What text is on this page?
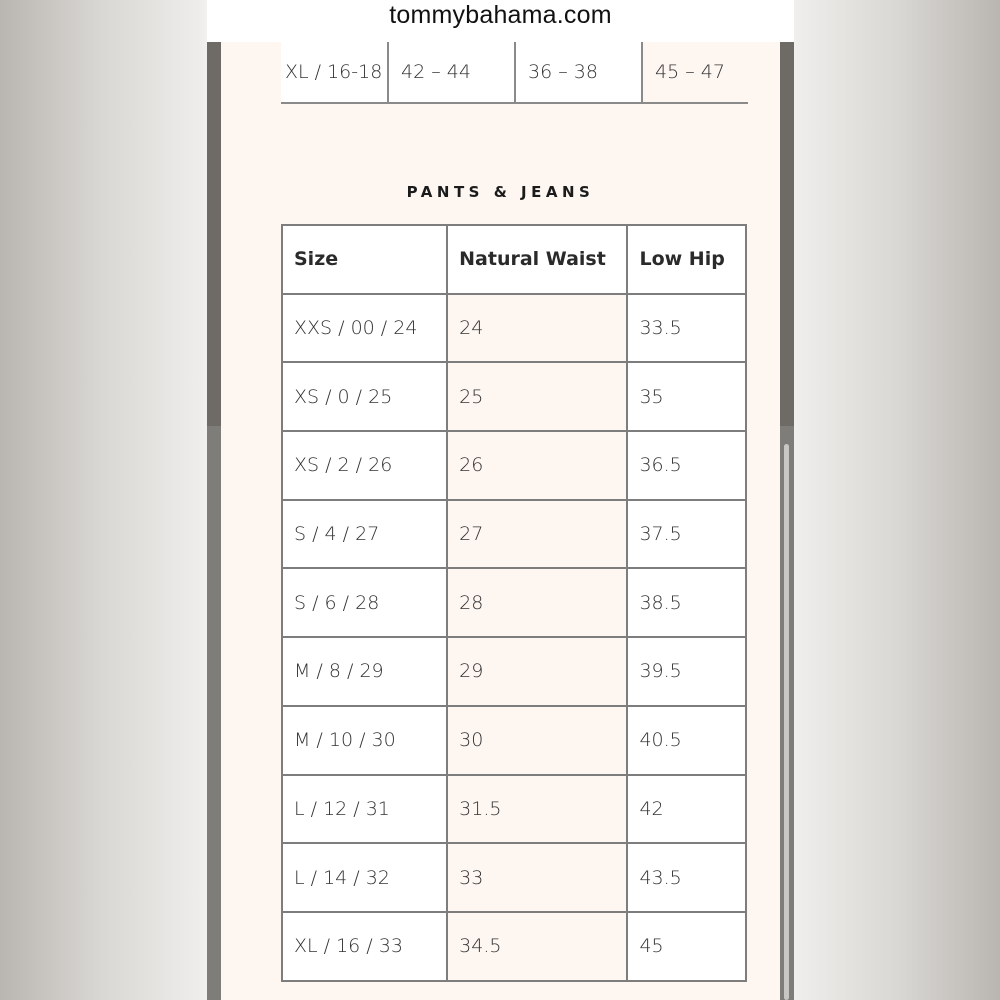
tommybahama.com
XL / 16-18	42 – 44	36 – 38	45 – 47
PANTS & JEANS
Size	Natural Waist	Low Hip
XXS / 00 / 24	24	33.5
XS / 0 / 25	25	35
XS / 2 / 26	26	36.5
S / 4 / 27	27	37.5
S / 6 / 28	28	38.5
M / 8 / 29	29	39.5
M / 10 / 30	30	40.5
L / 12 / 31	31.5	42
L / 14 / 32	33	43.5
XL / 16 / 33	34.5	45
